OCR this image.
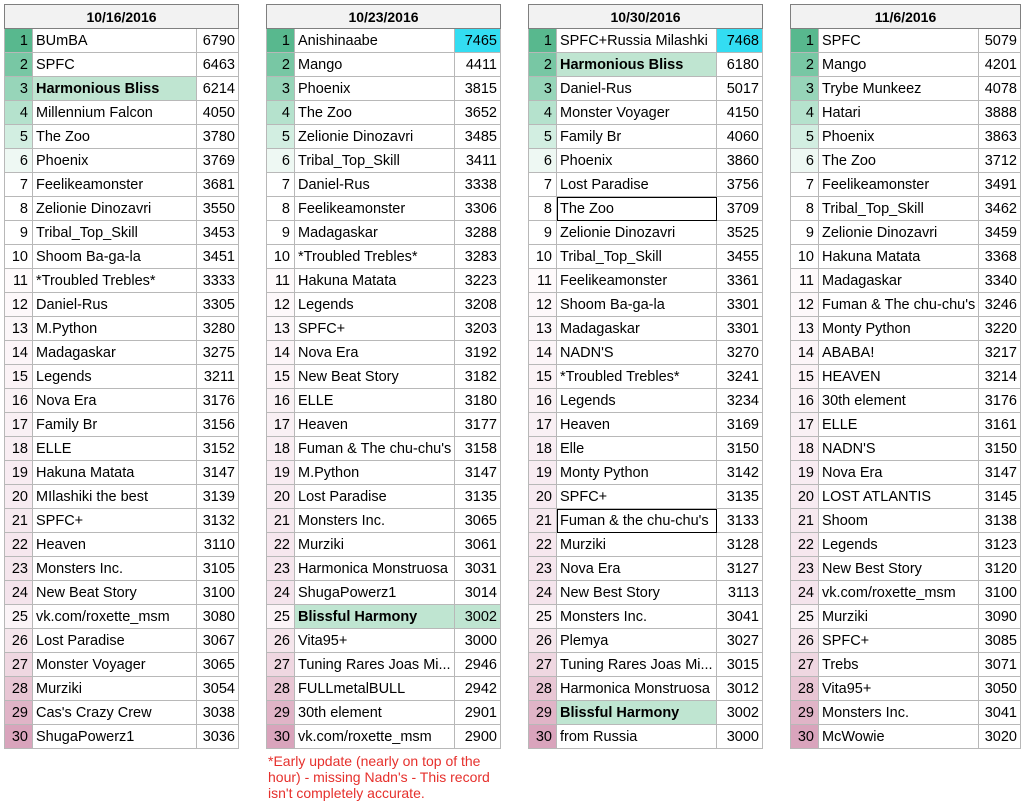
10/16/2016		
1	BUmBA	6790
2	SPFC	6463
3	Harmonious Bliss	6214
4	Millennium Falcon	4050
5	The Zoo	3780
6	Phoenix	3769
7	Feelikeamonster	3681
8	Zelionie Dinozavri	3550
9	Tribal_Top_Skill	3453
10	Shoom Ba-ga-la	3451
11	*Troubled Trebles*	3333
12	Daniel-Rus	3305
13	M.Python	3280
14	Madagaskar	3275
15	Legends	3211
16	Nova Era	3176
17	Family Br	3156
18	ELLE	3152
19	Hakuna Matata	3147
20	MIlashiki the best	3139
21	SPFC+	3132
22	Heaven	3110
23	Monsters Inc.	3105
24	New Beat Story	3100
25	vk.com/roxette_msm	3080
26	Lost Paradise	3067
27	Monster Voyager	3065
28	Murziki	3054
29	Cas's Crazy Crew	3038
30	ShugaPowerz1	3036
10/23/2016		
1	Anishinaabe	7465
2	Mango	4411
3	Phoenix	3815
4	The Zoo	3652
5	Zelionie Dinozavri	3485
6	Tribal_Top_Skill	3411
7	Daniel-Rus	3338
8	Feelikeamonster	3306
9	Madagaskar	3288
10	*Troubled Trebles*	3283
11	Hakuna Matata	3223
12	Legends	3208
13	SPFC+	3203
14	Nova Era	3192
15	New Beat Story	3182
16	ELLE	3180
17	Heaven	3177
18	Fuman & The chu-chu's	3158
19	M.Python	3147
20	Lost Paradise	3135
21	Monsters Inc.	3065
22	Murziki	3061
23	Harmonica Monstruosa	3031
24	ShugaPowerz1	3014
25	Blissful Harmony	3002
26	Vita95+	3000
27	Tuning Rares Joas Mi...	2946
28	FULLmetalBULL	2942
29	30th element	2901
30	vk.com/roxette_msm	2900
10/30/2016		
1	SPFC+Russia Milashki	7468
2	Harmonious Bliss	6180
3	Daniel-Rus	5017
4	Monster Voyager	4150
5	Family Br	4060
6	Phoenix	3860
7	Lost Paradise	3756
8	The Zoo	3709
9	Zelionie Dinozavri	3525
10	Tribal_Top_Skill	3455
11	Feelikeamonster	3361
12	Shoom Ba-ga-la	3301
13	Madagaskar	3301
14	NADN'S	3270
15	*Troubled Trebles*	3241
16	Legends	3234
17	Heaven	3169
18	Elle	3150
19	Monty Python	3142
20	SPFC+	3135
21	Fuman & the chu-chu's	3133
22	Murziki	3128
23	Nova Era	3127
24	New Best Story	3113
25	Monsters Inc.	3041
26	Plemya	3027
27	Tuning Rares Joas Mi...	3015
28	Harmonica Monstruosa	3012
29	Blissful Harmony	3002
30	from Russia	3000
11/6/2016		
1	SPFC	5079
2	Mango	4201
3	Trybe Munkeez	4078
4	Hatari	3888
5	Phoenix	3863
6	The Zoo	3712
7	Feelikeamonster	3491
8	Tribal_Top_Skill	3462
9	Zelionie Dinozavri	3459
10	Hakuna Matata	3368
11	Madagaskar	3340
12	Fuman & The chu-chu's	3246
13	Monty Python	3220
14	ABABA!	3217
15	HEAVEN	3214
16	30th element	3176
17	ELLE	3161
18	NADN'S	3150
19	Nova Era	3147
20	LOST ATLANTIS	3145
21	Shoom	3138
22	Legends	3123
23	New Best Story	3120
24	vk.com/roxette_msm	3100
25	Murziki	3090
26	SPFC+	3085
27	Trebs	3071
28	Vita95+	3050
29	Monsters Inc.	3041
30	McWowie	3020
*Early update (nearly on top of the hour) - missing Nadn's - This record isn't completely accurate.
